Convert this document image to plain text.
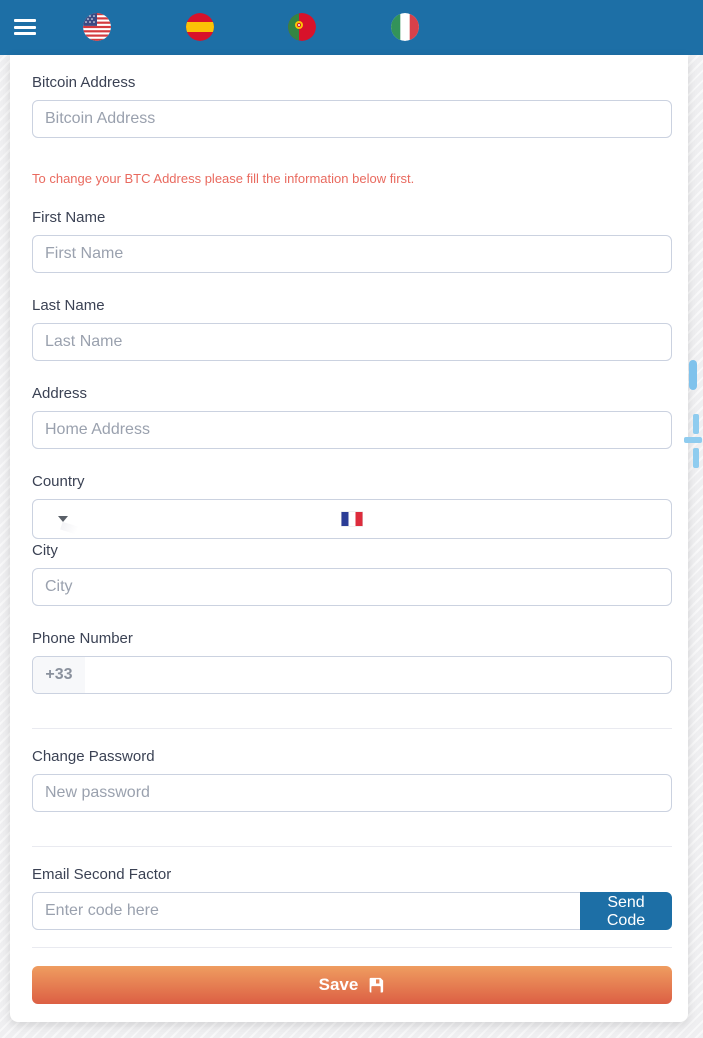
Bitcoin Address
Bitcoin Address
To change your BTC Address please fill the information below first.
First Name
First Name
Last Name
Last Name
Address
Home Address
Country
City
City
Phone Number
+33
Change Password
Email Second Factor
Enter code here
Send Code
Save
